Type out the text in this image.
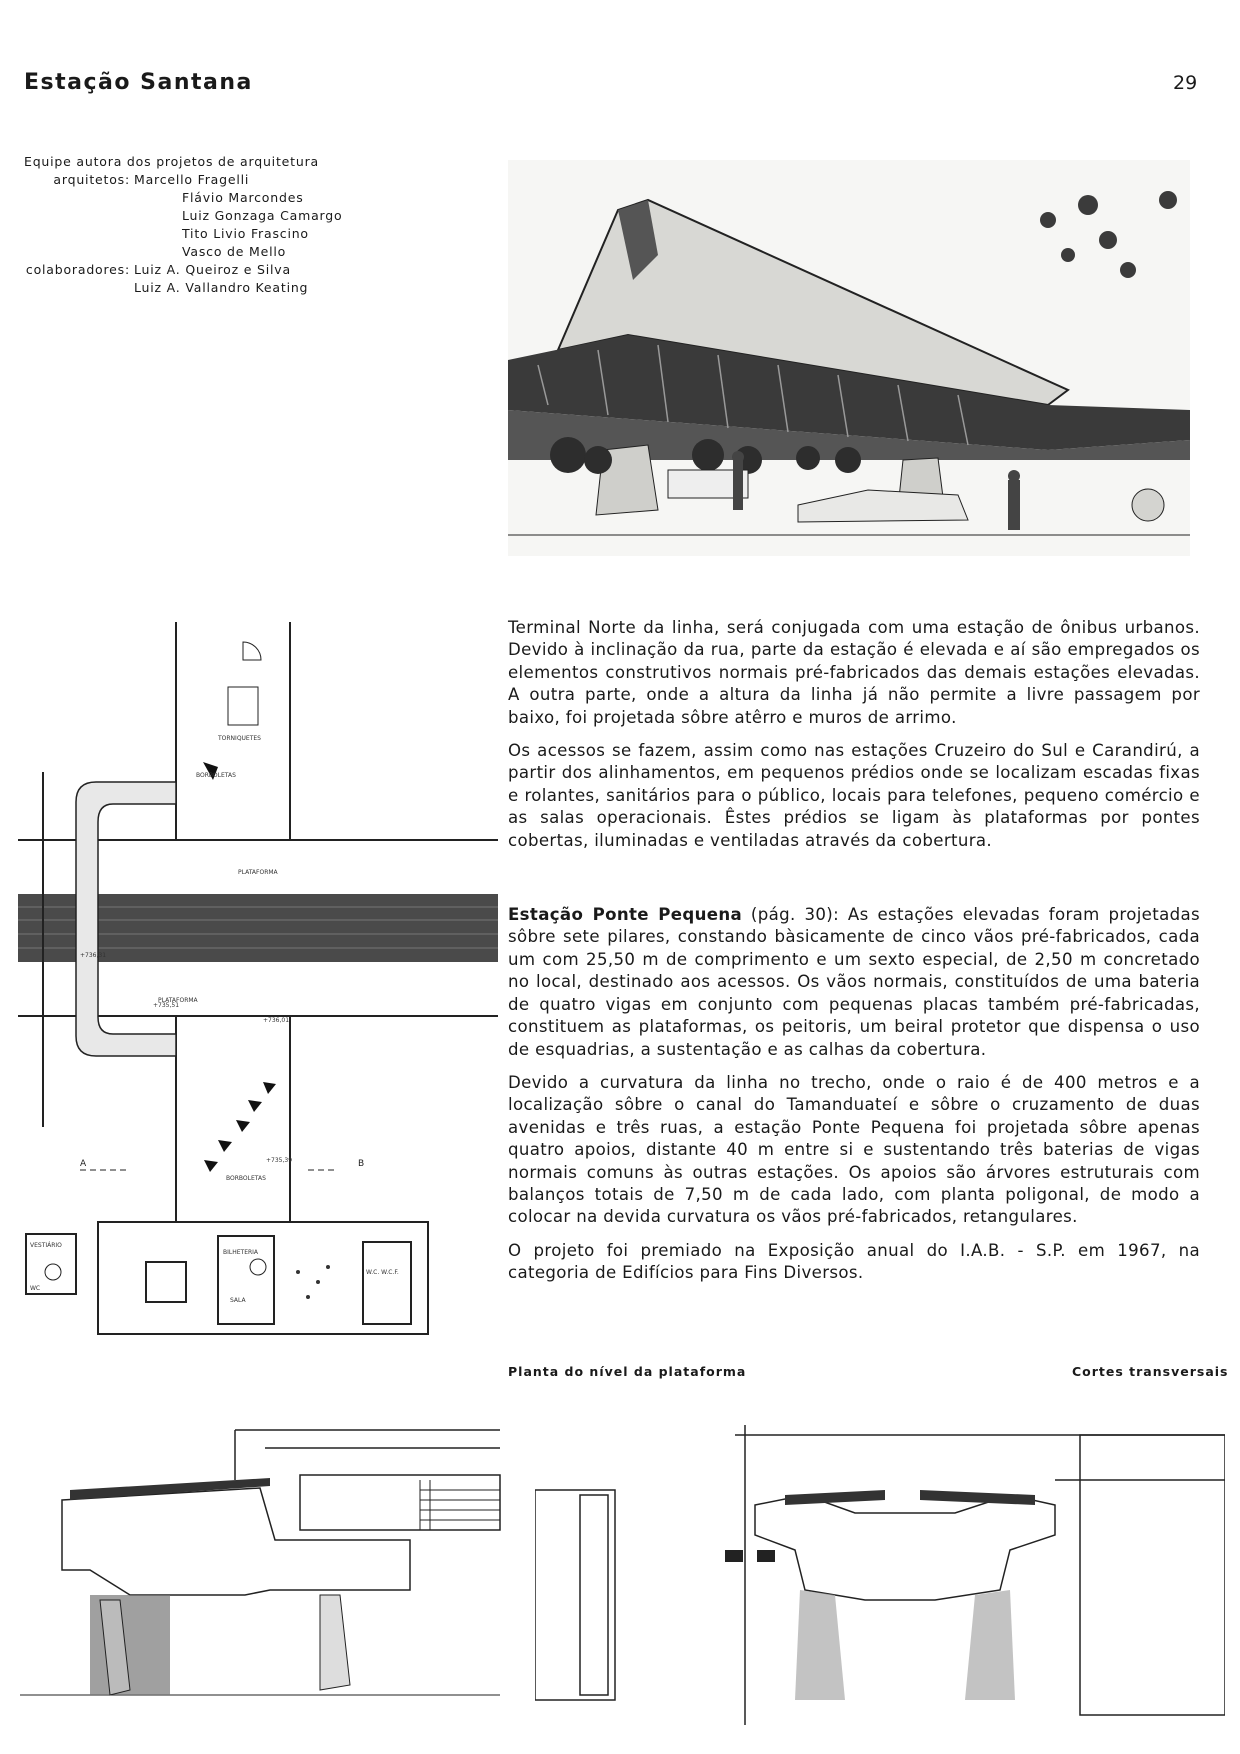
Estação Santana	29
Equipe autora dos projetos de arquitetura
arquitetos: Marcello Fragelli
Flávio Marcondes
Luiz Gonzaga Camargo
Tito Livio Frascino
Vasco de Mello
colaboradores: Luiz A. Queiroz e Silva
Luiz A. Vallandro Keating
TORNIQUETES
BORBOLETAS
PLATAFORMA
PLATAFORMA
+736,31
+735,51
+736,01
+735,39
BORBOLETAS
VESTIÁRIO
WC
BILHETERIA
SALA
W.C. W.C.F.
A	B

Terminal Norte da linha, será conjugada com uma estação de ônibus urbanos. Devido à inclinação da rua, parte da estação é elevada e aí são empregados os elementos construtivos normais pré-fabricados das demais estações elevadas. A outra parte, onde a altura da linha já não permite a livre passagem por baixo, foi projetada sôbre atêrro e muros de arrimo.

Os acessos se fazem, assim como nas estações Cruzeiro do Sul e Carandirú, a partir dos alinhamentos, em pequenos prédios onde se localizam escadas fixas e rolantes, sanitários para o público, locais para telefones, pequeno comércio e as salas operacionais. Êstes prédios se ligam às plataformas por pontes cobertas, iluminadas e ventiladas através da cobertura.

Estação Ponte Pequena (pág. 30): As estações elevadas foram projetadas sôbre sete pilares, constando bàsicamente de cinco vãos pré-fabricados, cada um com 25,50 m de comprimento e um sexto especial, de 2,50 m concretado no local, destinado aos acessos. Os vãos normais, constituídos de uma bateria de quatro vigas em conjunto com pequenas placas também pré-fabricadas, constituem as plataformas, os peitoris, um beiral protetor que dispensa o uso de esquadrias, a sustentação e as calhas da cobertura.

Devido a curvatura da linha no trecho, onde o raio é de 400 metros e a localização sôbre o canal do Tamanduateí e sôbre o cruzamento de duas avenidas e três ruas, a estação Ponte Pequena foi projetada sôbre apenas quatro apoios, distante 40 m entre si e sustentando três baterias de vigas normais comuns às outras estações. Os apoios são árvores estruturais com balanços totais de 7,50 m de cada lado, com planta poligonal, de modo a colocar na devida curvatura os vãos pré-fabricados, retangulares.

O projeto foi premiado na Exposição anual do I.A.B. - S.P. em 1967, na categoria de Edifícios para Fins Diversos.

Planta do nível da plataforma	Cortes transversais
